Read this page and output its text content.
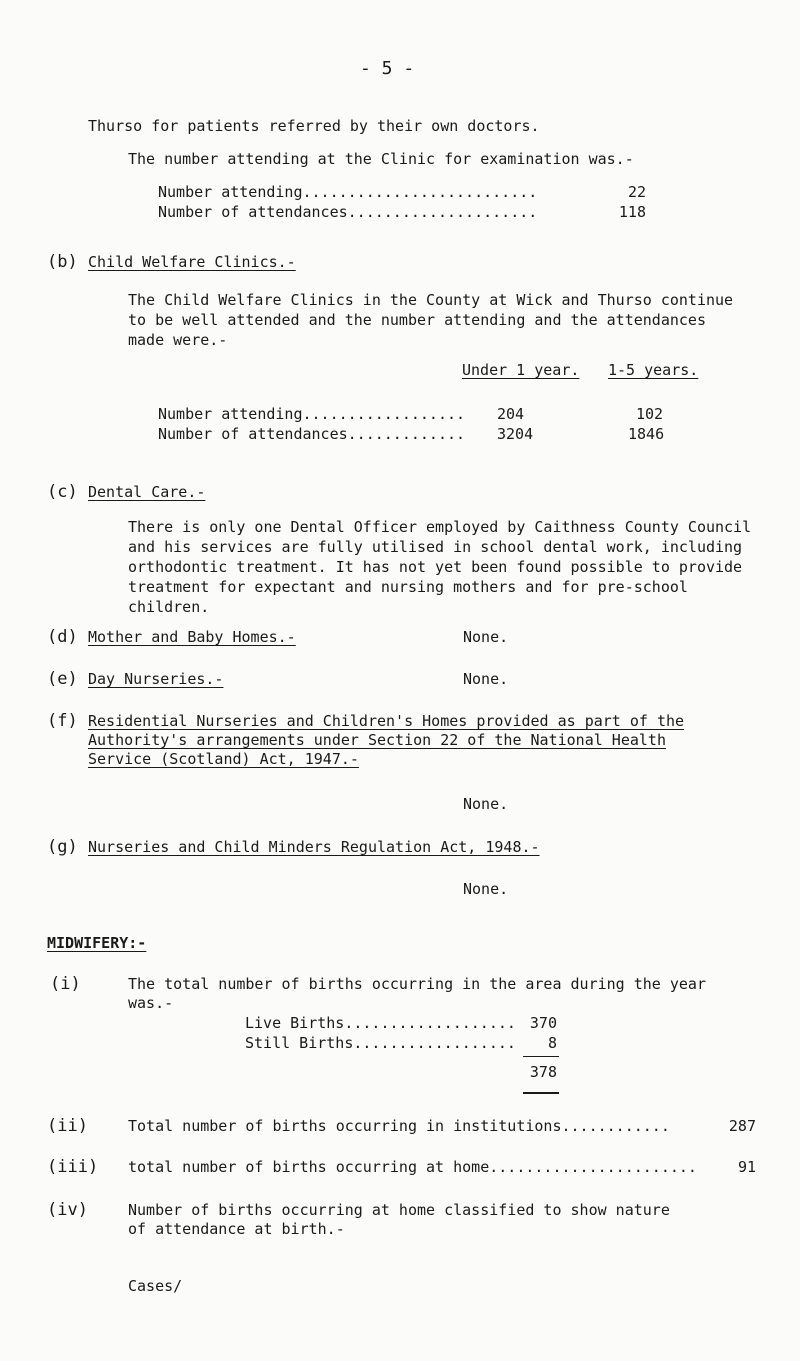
- 5 -
Thurso for patients referred by their own doctors.
The number attending at the Clinic for examination was.-
Number attending..........................	22
Number of attendances.....................	118
(b) Child Welfare Clinics.-
The Child Welfare Clinics in the County at Wick and Thurso continue to be well attended and the number attending and the attendances made were.-
Under 1 year. 1-5 years.
Number attending.................. 204	102
Number of attendances............. 3204	1846
(c) Dental Care.-
There is only one Dental Officer employed by Caithness County Council and his services are fully utilised in school dental work, including orthodontic treatment. It has not yet been found possible to provide treatment for expectant and nursing mothers and for pre-school children.
(d) Mother and Baby Homes.-	None.
(e) Day Nurseries.-	None.
(f) Residential Nurseries and Children's Homes provided as part of the
Authority's arrangements under Section 22 of the National Health
Service (Scotland) Act, 1947.-
None.
(g) Nurseries and Child Minders Regulation Act, 1948.-
None.
MIDWIFERY:-
(i)	The total number of births occurring in the area during the year
was.-
Live Births................... 370
Still Births..................	8
378
(ii)	Total number of births occurring in institutions............	287
(iii) total number of births occurring at home.......................	91
(iv)	Number of births occurring at home classified to show nature
of attendance at birth.-
Cases/
